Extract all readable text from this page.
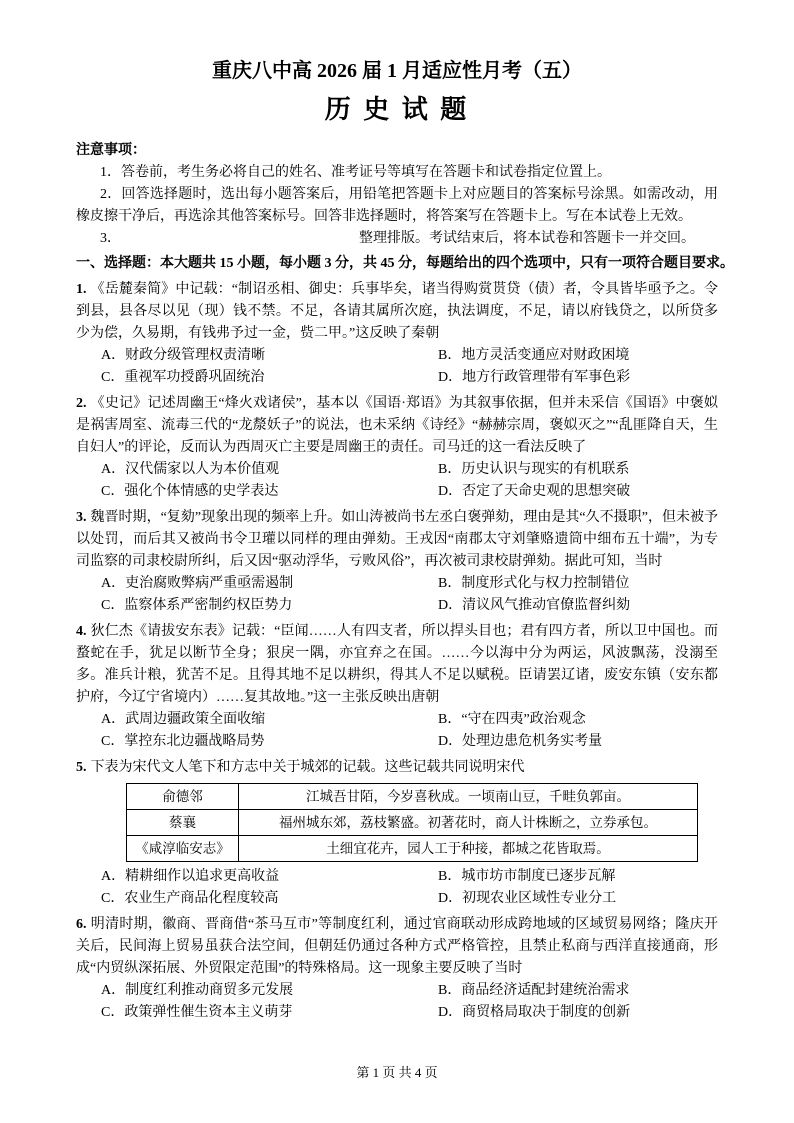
重庆八中高 2026 届 1 月适应性月考（五）
历 史 试 题

注意事项：

1．答卷前，考生务必将自己的姓名、准考证号等填写在答题卡和试卷指定位置上。

2．回答选择题时，选出每小题答案后，用铅笔把答题卡上对应题目的答案标号涂黑。如需改动，用橡皮擦干净后，再选涂其他答案标号。回答非选择题时，将答案写在答题卡上。写在本试卷上无效。

3．	整理排版。考试结束后，将本试卷和答题卡一并交回。

一、选择题：本大题共 15 小题，每小题 3 分，共 45 分，每题给出的四个选项中，只有一项符合题目要求。

1. 《岳麓秦简》中记载：“制诏丞相、御史：兵事毕矣，诸当得购赏贳贷（债）者，令具皆毕亟予之。令到县，县各尽以见（现）钱不禁。不足，各请其属所次庭，执法调度，不足，请以府钱贷之，以所贷多少为偿，久易期，有钱弗予过一金，赀二甲。”这反映了秦朝

A．财政分级管理权责清晰	B．地方灵活变通应对财政困境
C．重视军功授爵巩固统治	D．地方行政管理带有军事色彩

2. 《史记》记述周幽王“烽火戏诸侯”，基本以《国语·郑语》为其叙事依据，但并未采信《国语》中褒姒是祸害周室、流毒三代的“龙漦妖子”的说法，也未采纳《诗经》“赫赫宗周，褒姒灭之”“乱匪降自天，生自妇人”的评论，反而认为西周灭亡主要是周幽王的责任。司马迁的这一看法反映了

A．汉代儒家以人为本价值观	B．历史认识与现实的有机联系
C．强化个体情感的史学表达	D．否定了天命史观的思想突破

3. 魏晋时期，“复劾”现象出现的频率上升。如山涛被尚书左丞白褒弹劾，理由是其“久不摄职”，但未被予以处罚，而后其又被尚书令卫瓘以同样的理由弹劾。王戎因“南郡太守刘肇赂遗筒中细布五十端”，为专司监察的司隶校尉所纠，后又因“驱动浮华，亏败风俗”，再次被司隶校尉弹劾。据此可知，当时

A．吏治腐败弊病严重亟需遏制	B．制度形式化与权力控制错位
C．监察体系严密制约权臣势力	D．清议风气推动官僚监督纠劾

4. 狄仁杰《请拔安东表》记载：“臣闻……人有四支者，所以捍头目也；君有四方者，所以卫中国也。而蝥蛇在手，犹足以断节全身；狠戾一隅，亦宜弃之在国。……今以海中分为两运，风波飘荡，没溺至多。准兵计粮，犹苦不足。且得其地不足以耕织，得其人不足以赋税。臣请罢辽诸，废安东镇（安东都护府，今辽宁省境内）……复其故地。”这一主张反映出唐朝

A．武周边疆政策全面收缩	B．“守在四夷”政治观念
C．掌控东北边疆战略局势	D．处理边患危机务实考量

5. 下表为宋代文人笔下和方志中关于城郊的记载。这些记载共同说明宋代

俞德邻	江城吾甘陌，今岁喜秋成。一顷南山豆，千畦负郭亩。
蔡襄	福州城东郊，荔枝繁盛。初著花时，商人计株断之，立券承包。
《咸淳临安志》	土细宜花卉，园人工于种接，都城之花皆取焉。
A．精耕细作以追求更高收益	B．城市坊市制度已逐步瓦解
C．农业生产商品化程度较高	D．初现农业区域性专业分工

6. 明清时期，徽商、晋商借“茶马互市”等制度红利，通过官商联动形成跨地域的区域贸易网络；隆庆开关后，民间海上贸易虽获合法空间，但朝廷仍通过各种方式严格管控，且禁止私商与西洋直接通商，形成“内贸纵深拓展、外贸限定范围”的特殊格局。这一现象主要反映了当时

A．制度红利推动商贸多元发展	B．商品经济适配封建统治需求
C．政策弹性催生资本主义萌芽	D．商贸格局取决于制度的创新
第 1 页 共 4 页
